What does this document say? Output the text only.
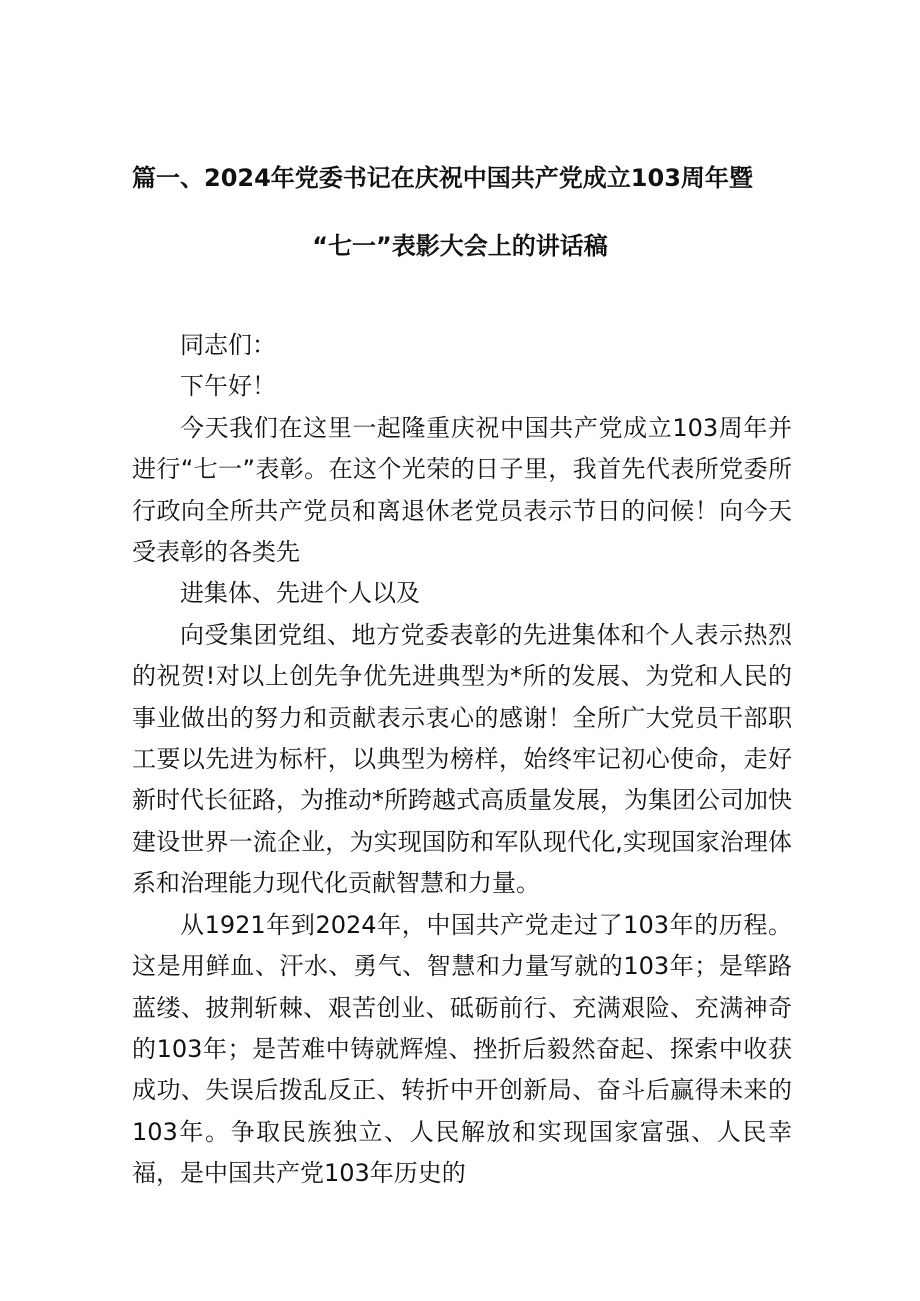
篇一、2024年党委书记在庆祝中国共产党成立103周年暨
“七一”表影大会上的讲话稿

同志们：

下午好！

今天我们在这里一起隆重庆祝中国共产党成立103周年并进行“七一”表彰。在这个光荣的日子里，我首先代表所党委所行政向全所共产党员和离退休老党员表示节日的问候！向今天受表彰的各类先

进集体、先进个人以及

向受集团党组、地方党委表彰的先进集体和个人表示热烈的祝贺!对以上创先争优先进典型为*所的发展、为党和人民的事业做出的努力和贡献表示衷心的感谢！全所广大党员干部职工要以先进为标杆，以典型为榜样，始终牢记初心使命，走好新时代长征路，为推动*所跨越式高质量发展，为集团公司加快建设世界一流企业，为实现国防和军队现代化,实现国家治理体系和治理能力现代化贡献智慧和力量。

从1921年到2024年，中国共产党走过了103年的历程。这是用鲜血、汗水、勇气、智慧和力量写就的103年；是筚路蓝缕、披荆斩棘、艰苦创业、砥砺前行、充满艰险、充满神奇的103年；是苦难中铸就辉煌、挫折后毅然奋起、探索中收获成功、失误后拨乱反正、转折中开创新局、奋斗后赢得未来的103年。争取民族独立、人民解放和实现国家富强、人民幸福，是中国共产党103年历史的
